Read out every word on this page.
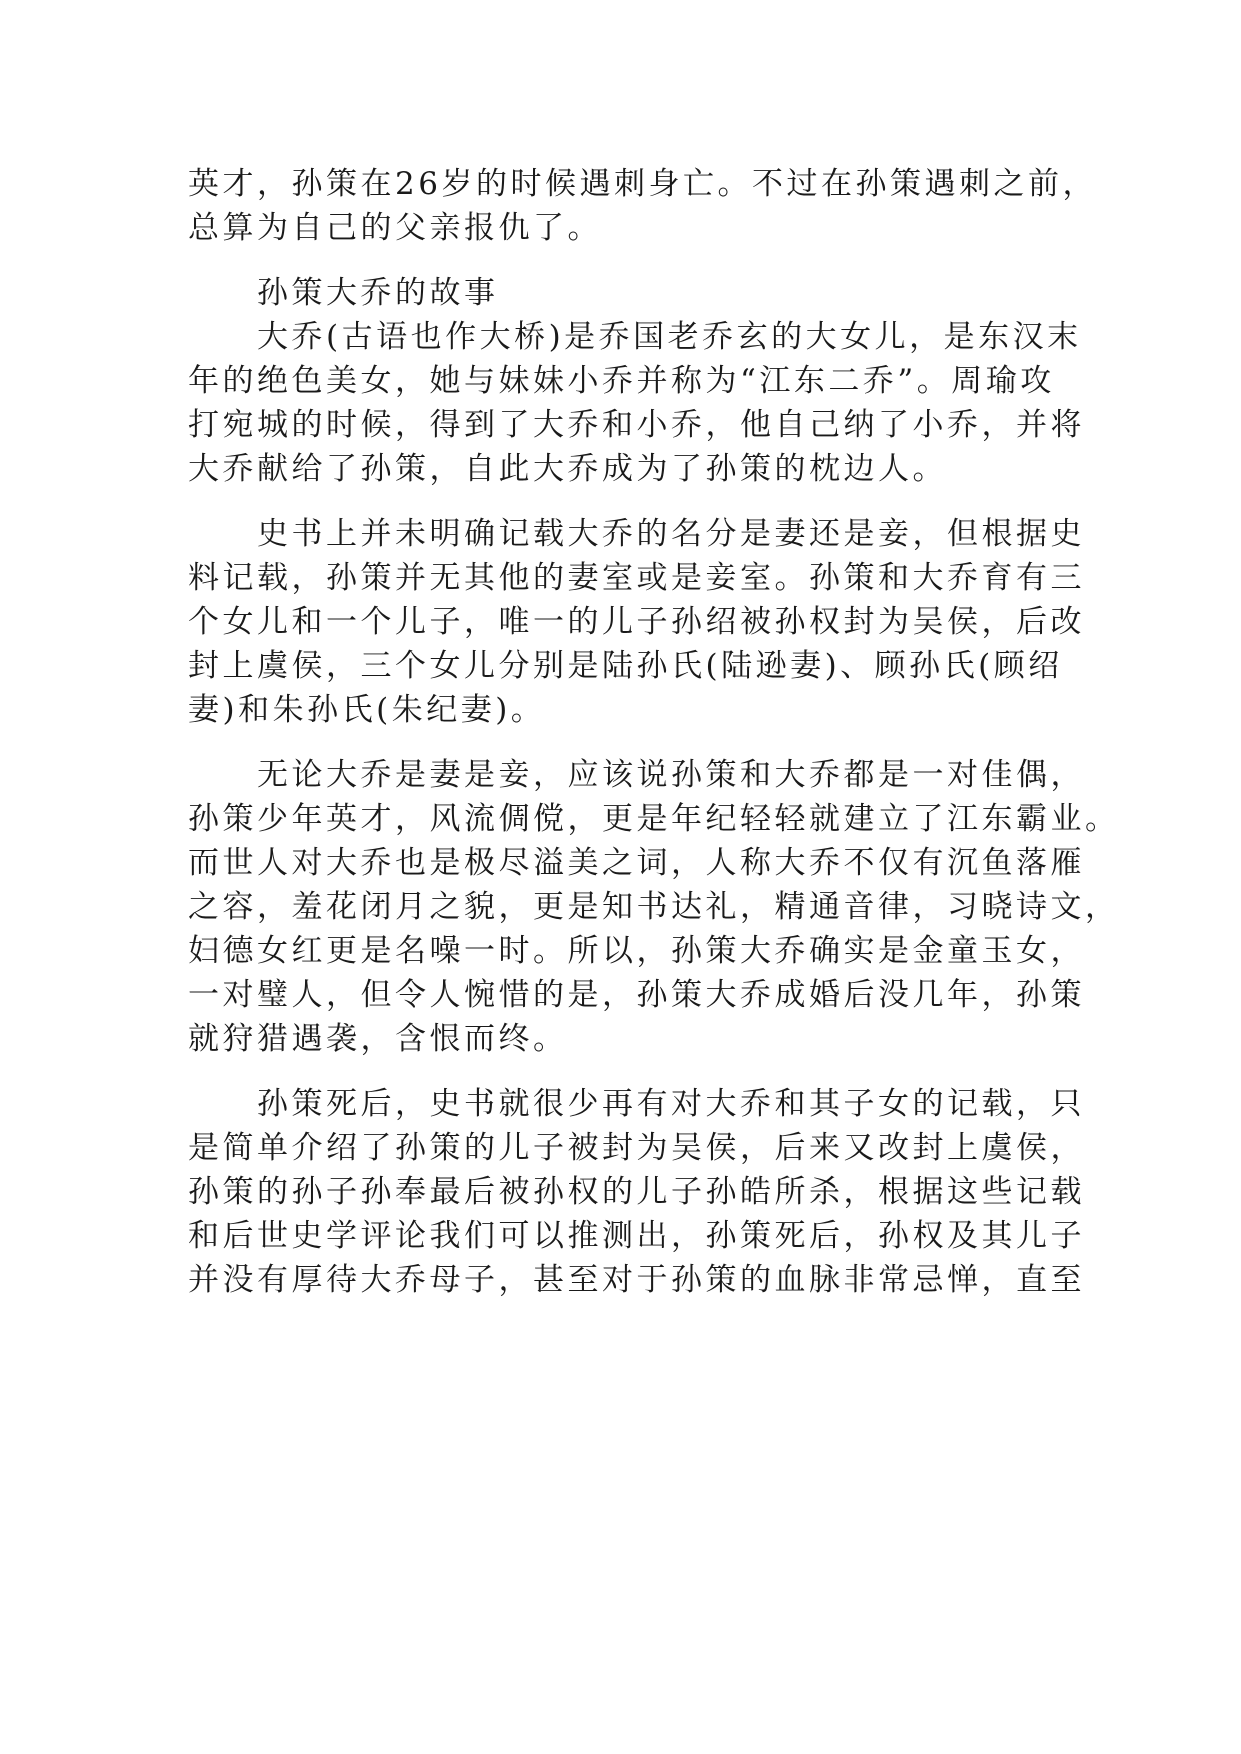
英才，孙策在26岁的时候遇刺身亡。不过在孙策遇刺之前，

总算为自己的父亲报仇了。

　　孙策大乔的故事

　　大乔(古语也作大桥)是乔国老乔玄的大女儿，是东汉末

年的绝色美女，她与妹妹小乔并称为“江东二乔”。周瑜攻

打宛城的时候，得到了大乔和小乔，他自己纳了小乔，并将

大乔献给了孙策，自此大乔成为了孙策的枕边人。

　　史书上并未明确记载大乔的名分是妻还是妾，但根据史

料记载，孙策并无其他的妻室或是妾室。孙策和大乔育有三

个女儿和一个儿子，唯一的儿子孙绍被孙权封为吴侯，后改

封上虞侯，三个女儿分别是陆孙氏(陆逊妻)、顾孙氏(顾绍

妻)和朱孙氏(朱纪妻)。

　　无论大乔是妻是妾，应该说孙策和大乔都是一对佳偶，

孙策少年英才，风流倜傥，更是年纪轻轻就建立了江东霸业。

而世人对大乔也是极尽溢美之词，人称大乔不仅有沉鱼落雁

之容，羞花闭月之貌，更是知书达礼，精通音律，习晓诗文，

妇德女红更是名噪一时。所以，孙策大乔确实是金童玉女，

一对璧人，但令人惋惜的是，孙策大乔成婚后没几年，孙策

就狩猎遇袭，含恨而终。

　　孙策死后，史书就很少再有对大乔和其子女的记载，只

是简单介绍了孙策的儿子被封为吴侯，后来又改封上虞侯，

孙策的孙子孙奉最后被孙权的儿子孙皓所杀，根据这些记载

和后世史学评论我们可以推测出，孙策死后，孙权及其儿子

并没有厚待大乔母子，甚至对于孙策的血脉非常忌惮，直至
